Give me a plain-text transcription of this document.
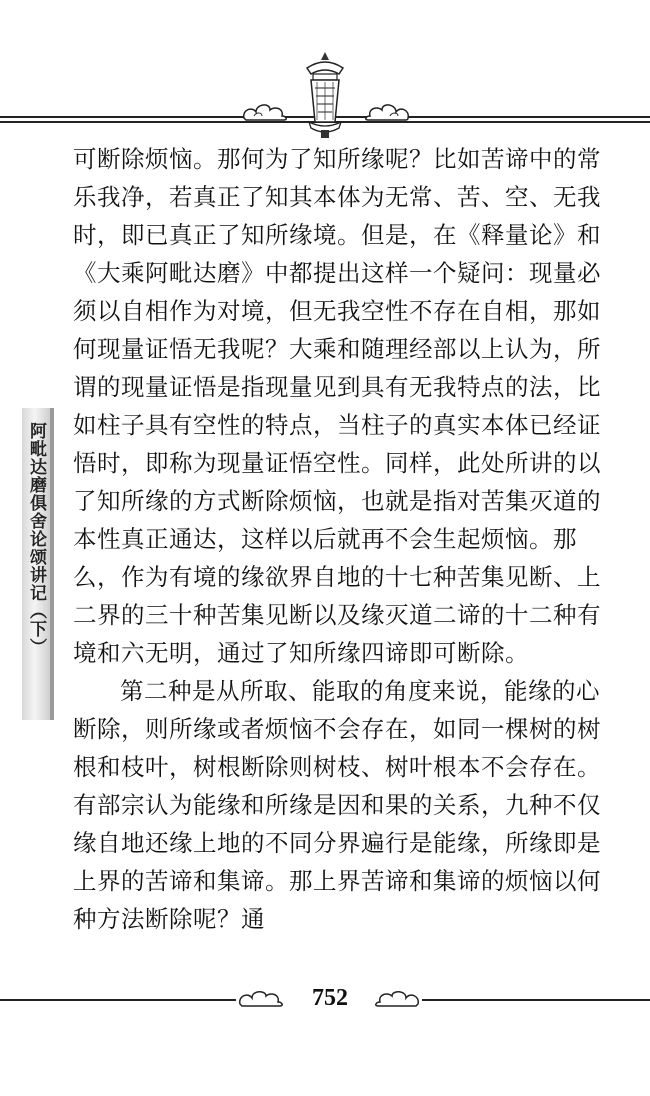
阿毗达磨俱舍论颂讲记（下）

可断除烦恼。那何为了知所缘呢？比如苦谛中的常乐我净，若真正了知其本体为无常、苦、空、无我时，即已真正了知所缘境。但是，在《释量论》和《大乘阿毗达磨》中都提出这样一个疑问：现量必须以自相作为对境，但无我空性不存在自相，那如何现量证悟无我呢？大乘和随理经部以上认为，所谓的现量证悟是指现量见到具有无我特点的法，比如柱子具有空性的特点，当柱子的真实本体已经证悟时，即称为现量证悟空性。同样，此处所讲的以了知所缘的方式断除烦恼，也就是指对苦集灭道的本性真正通达，这样以后就再不会生起烦恼。那么，作为有境的缘欲界自地的十七种苦集见断、上二界的三十种苦集见断以及缘灭道二谛的十二种有境和六无明，通过了知所缘四谛即可断除。

第二种是从所取、能取的角度来说，能缘的心断除，则所缘或者烦恼不会存在，如同一棵树的树根和枝叶，树根断除则树枝、树叶根本不会存在。有部宗认为能缘和所缘是因和果的关系，九种不仅缘自地还缘上地的不同分界遍行是能缘，所缘即是上界的苦谛和集谛。那上界苦谛和集谛的烦恼以何种方法断除呢？通

752
